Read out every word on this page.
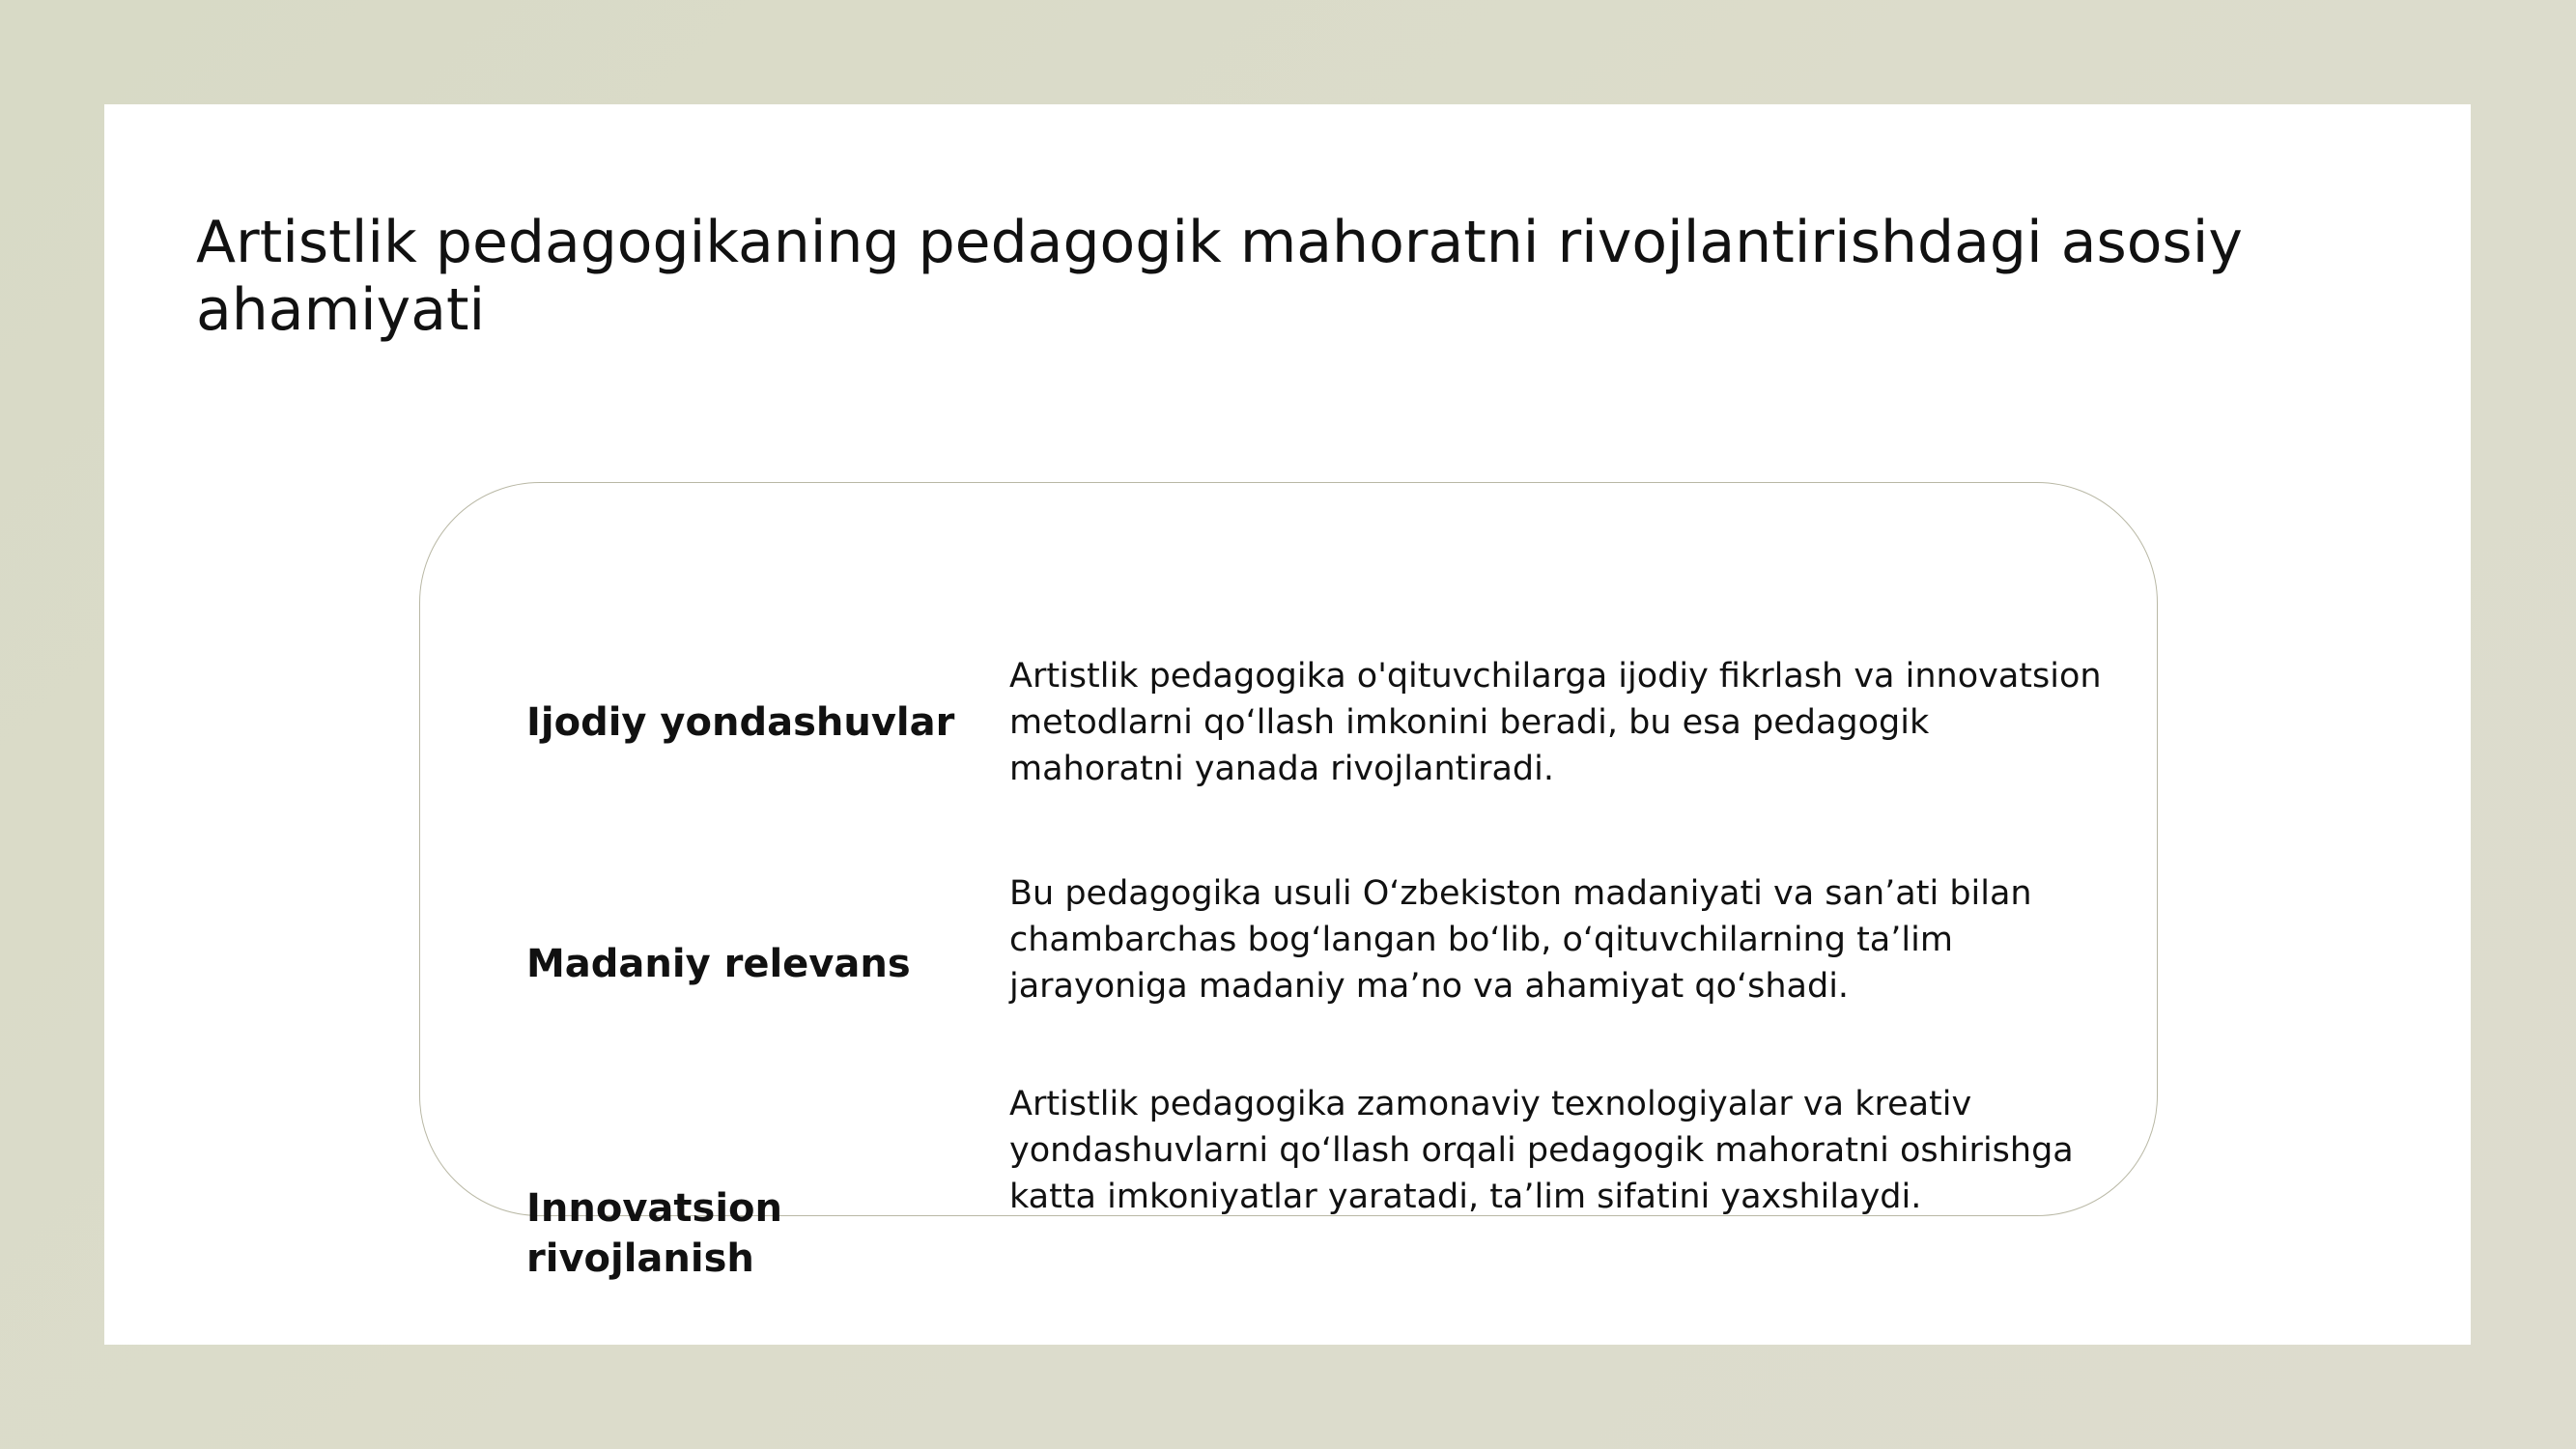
Artistlik pedagogikaning pedagogik mahoratni rivojlantirishdagi asosiy ahamiyati

Ijodiy yondashuvlar

Artistlik pedagogika o'qituvchilarga ijodiy fikrlash va innovatsion metodlarni qo‘llash imkonini beradi, bu esa pedagogik mahoratni yanada rivojlantiradi.

Madaniy relevans

Bu pedagogika usuli O‘zbekiston madaniyati va san’ati bilan chambarchas bog‘langan bo‘lib, o‘qituvchilarning ta’lim jarayoniga madaniy ma’no va ahamiyat qo‘shadi.

Innovatsion rivojlanish

Artistlik pedagogika zamonaviy texnologiyalar va kreativ yondashuvlarni qo‘llash orqali pedagogik mahoratni oshirishga katta imkoniyatlar yaratadi, ta’lim sifatini yaxshilaydi.
